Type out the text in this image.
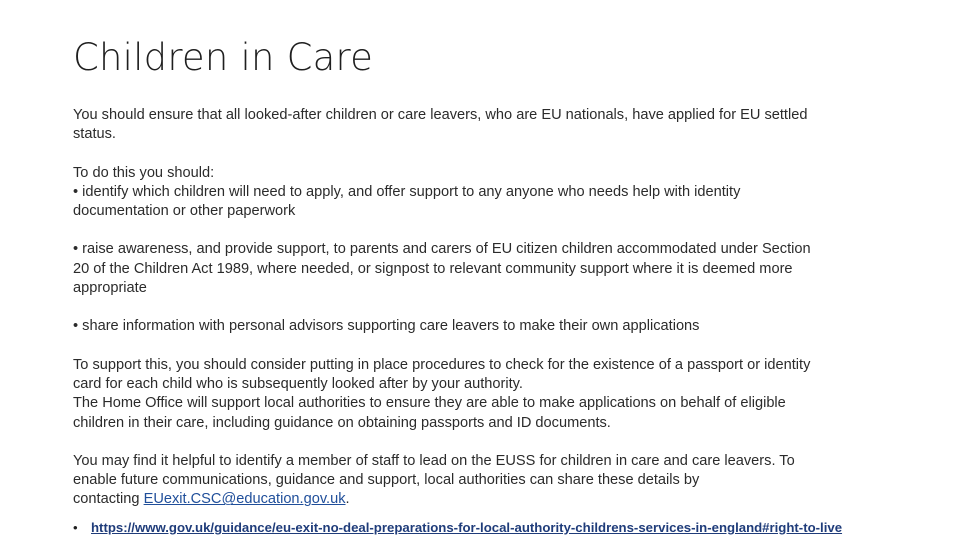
Children in Care

You should ensure that all looked-after children or care leavers, who are EU nationals, have applied for EU settled
status.

To do this you should:
• identify which children will need to apply, and offer support to any anyone who needs help with identity
documentation or other paperwork

• raise awareness, and provide support, to parents and carers of EU citizen children accommodated under Section
20 of the Children Act 1989, where needed, or signpost to relevant community support where it is deemed more
appropriate

• share information with personal advisors supporting care leavers to make their own applications

To support this, you should consider putting in place procedures to check for the existence of a passport or identity
card for each child who is subsequently looked after by your authority.
The Home Office will support local authorities to ensure they are able to make applications on behalf of eligible
children in their care, including guidance on obtaining passports and ID documents.

You may find it helpful to identify a member of staff to lead on the EUSS for children in care and care leavers. To
enable future communications, guidance and support, local authorities can share these details by
contacting EUexit.CSC@education.gov.uk.

• https://www.gov.uk/guidance/eu-exit-no-deal-preparations-for-local-authority-childrens-services-in-england#right-to-live
